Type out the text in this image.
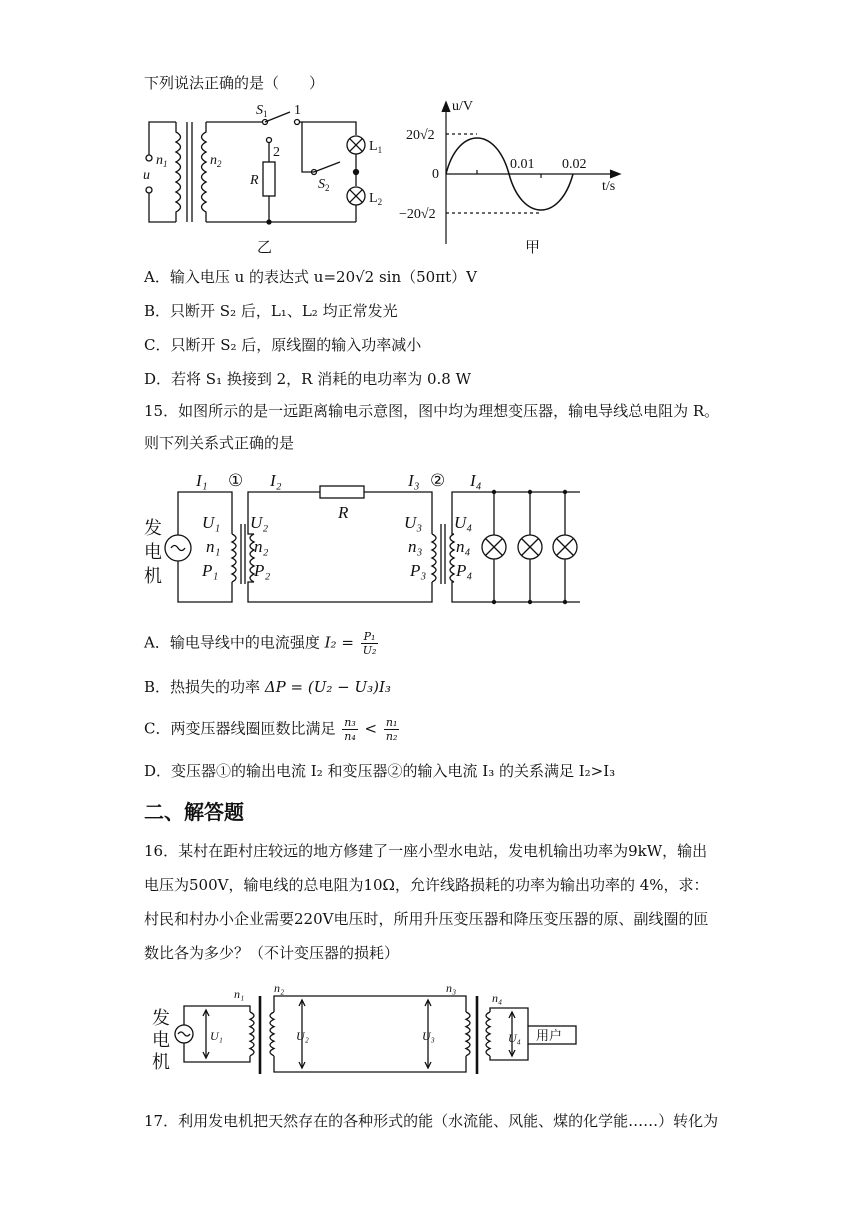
下列说法正确的是（　　）
$S_1$ 1
2
$n_1$	$n_2$
u	R	$S_2$
$L_1$
$L_2$
乙
u/V
t/s
20√2
−20√2
0
0.01 0.02
甲
A．输入电压 u 的表达式 u=20√2 sin（50πt）V
B．只断开 S₂ 后，L₁、L₂ 均正常发光
C．只断开 S₂ 后，原线圈的输入功率减小
D．若将 S₁ 换接到 2，R 消耗的电功率为 0.8 W
15．如图所示的是一远距离输电示意图，图中均为理想变压器，输电导线总电阻为 R。
则下列关系式正确的是
发
电
机
I₁ ① I₂
R
I₃ ② I₄
U₁
n₁
P₁
U₂
n₂
P₂
U₃
n₃
P₃
U₄
n₄
P₄
A．输电导线中的电流强度 $I_2 = \frac{\text{P₁}}{\text{U₂}}$
B．热损失的功率 ΔP = (U₂ − U₃)I₃
C．两变压器线圈匝数比满足 $\frac{\text{n₃}}{\text{n₄}} < \frac{\text{n₁}}{\text{n₂}}$
D．变压器①的输出电流 I₂ 和变压器②的输入电流 I₃ 的关系满足 I₂>I₃
二、解答题
16．某村在距村庄较远的地方修建了一座小型水电站，发电机输出功率为9kW，输出
电压为500V，输电线的总电阻为10Ω，允许线路损耗的功率为输出功率的 4%，求：
村民和村办小企业需要220V电压时，所用升压变压器和降压变压器的原、副线圈的匝
数比各为多少？（不计变压器的损耗）
发
电
机
n₁ n₂	n₃
n₄
U₁	U₂	U₃	U₄ 用户
17．利用发电机把天然存在的各种形式的能（水流能、风能、煤的化学能……）转化为
